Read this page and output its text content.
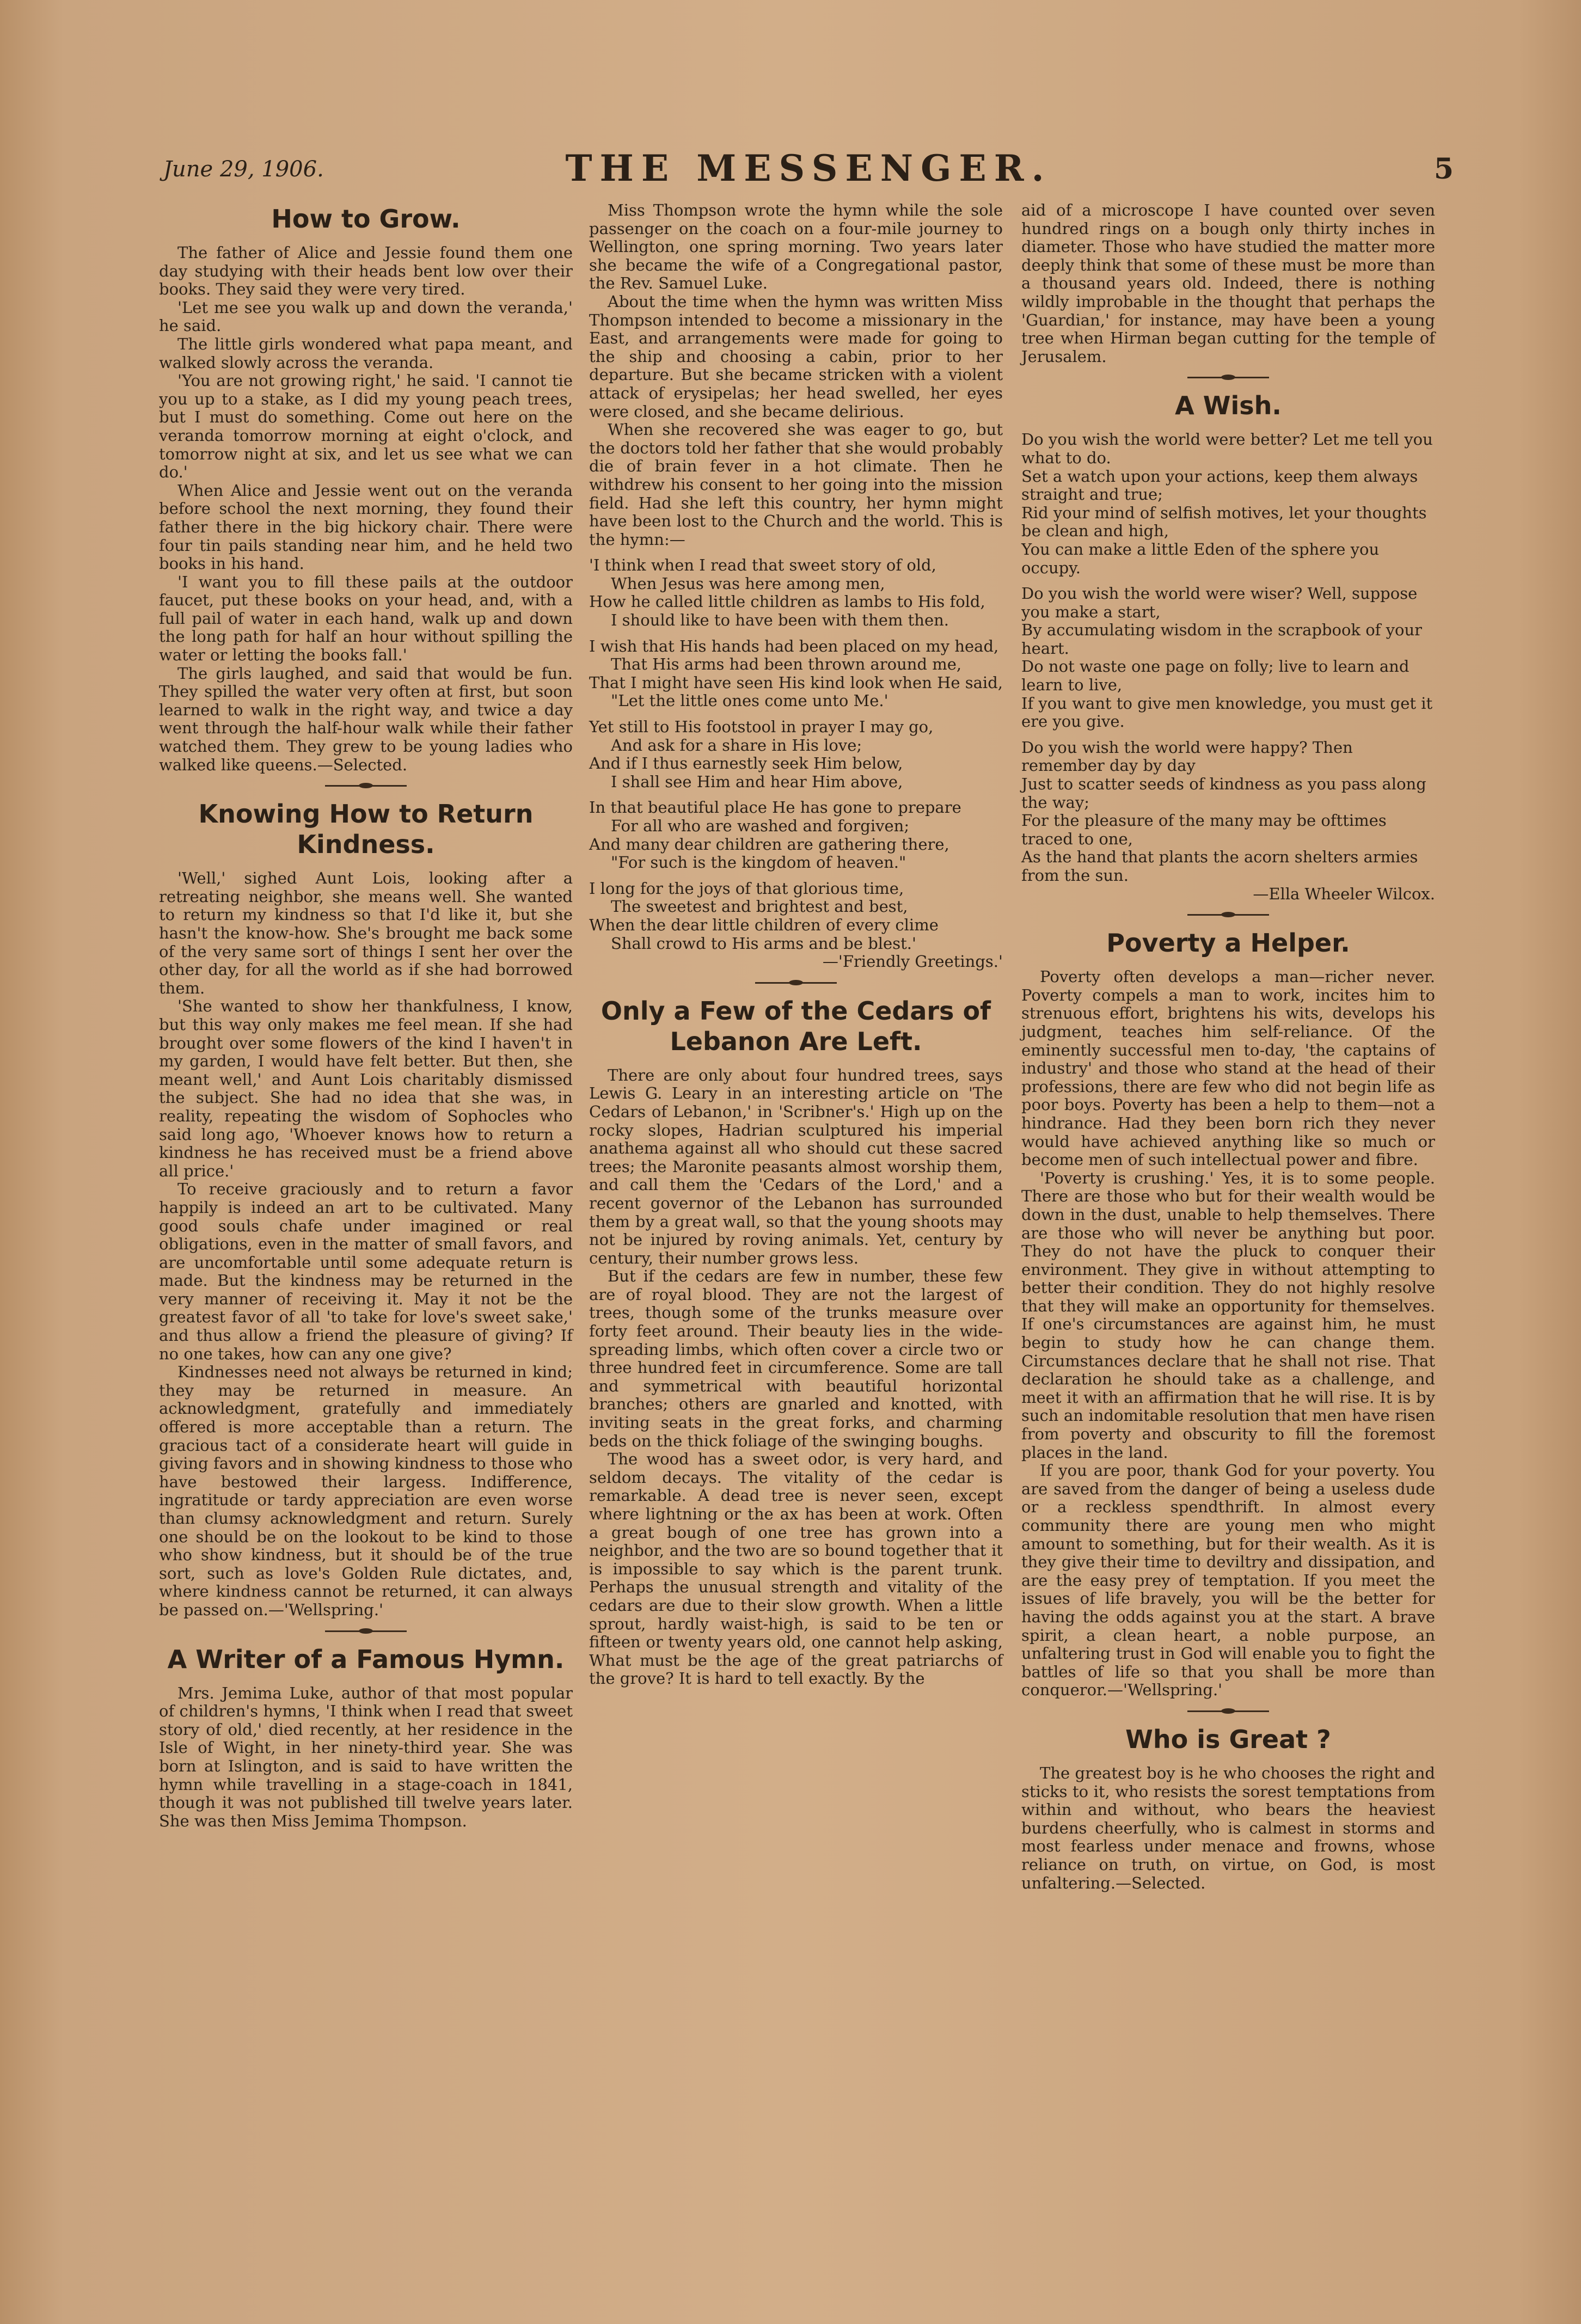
June 29, 1906.	THE MESSENGER.	5
How to Grow.

The father of Alice and Jessie found them one day studying with their heads bent low over their books. They said they were very tired.

'Let me see you walk up and down the veranda,' he said.

The little girls wondered what papa meant, and walked slowly across the veranda.

'You are not growing right,' he said. 'I cannot tie you up to a stake, as I did my young peach trees, but I must do something. Come out here on the veranda tomorrow morning at eight o'clock, and tomorrow night at six, and let us see what we can do.'

When Alice and Jessie went out on the veranda before school the next morning, they found their father there in the big hickory chair. There were four tin pails standing near him, and he held two books in his hand.

'I want you to fill these pails at the outdoor faucet, put these books on your head, and, with a full pail of water in each hand, walk up and down the long path for half an hour without spilling the water or letting the books fall.'

The girls laughed, and said that would be fun. They spilled the water very often at first, but soon learned to walk in the right way, and twice a day went through the half-hour walk while their father watched them. They grew to be young ladies who walked like queens.—Selected.

Knowing How to Return Kindness.

'Well,' sighed Aunt Lois, looking after a retreating neighbor, she means well. She wanted to return my kindness so that I'd like it, but she hasn't the know-how. She's brought me back some of the very same sort of things I sent her over the other day, for all the world as if she had borrowed them.

'She wanted to show her thankfulness, I know, but this way only makes me feel mean. If she had brought over some flowers of the kind I haven't in my garden, I would have felt better. But then, she meant well,' and Aunt Lois charitably dismissed the subject. She had no idea that she was, in reality, repeating the wisdom of Sophocles who said long ago, 'Whoever knows how to return a kindness he has received must be a friend above all price.'

To receive graciously and to return a favor happily is indeed an art to be cultivated. Many good souls chafe under imagined or real obligations, even in the matter of small favors, and are uncomfortable until some adequate return is made. But the kindness may be returned in the very manner of receiving it. May it not be the greatest favor of all 'to take for love's sweet sake,' and thus allow a friend the pleasure of giving? If no one takes, how can any one give?

Kindnesses need not always be returned in kind; they may be returned in measure. An acknowledgment, gratefully and immediately offered is more acceptable than a return. The gracious tact of a considerate heart will guide in giving favors and in showing kindness to those who have bestowed their largess. Indifference, ingratitude or tardy appreciation are even worse than clumsy acknowledgment and return. Surely one should be on the lookout to be kind to those who show kindness, but it should be of the true sort, such as love's Golden Rule dictates, and, where kindness cannot be returned, it can always be passed on.—'Wellspring.'

A Writer of a Famous Hymn.

Mrs. Jemima Luke, author of that most popular of children's hymns, 'I think when I read that sweet story of old,' died recently, at her residence in the Isle of Wight, in her ninety-third year. She was born at Islington, and is said to have written the hymn while travelling in a stage-coach in 1841, though it was not published till twelve years later. She was then Miss Jemima Thompson.

Miss Thompson wrote the hymn while the sole passenger on the coach on a four-mile journey to Wellington, one spring morning. Two years later she became the wife of a Congregational pastor, the Rev. Samuel Luke.

About the time when the hymn was written Miss Thompson intended to become a missionary in the East, and arrangements were made for going to the ship and choosing a cabin, prior to her departure. But she became stricken with a violent attack of erysipelas; her head swelled, her eyes were closed, and she became delirious.

When she recovered she was eager to go, but the doctors told her father that she would probably die of brain fever in a hot climate. Then he withdrew his consent to her going into the mission field. Had she left this country, her hymn might have been lost to the Church and the world. This is the hymn:—

'I think when I read that sweet story of old,
When Jesus was here among men,
How he called little children as lambs to His fold,
I should like to have been with them then.
I wish that His hands had been placed on my head,
That His arms had been thrown around me,
That I might have seen His kind look when He said,
"Let the little ones come unto Me.'
Yet still to His footstool in prayer I may go,
And ask for a share in His love;
And if I thus earnestly seek Him below,
I shall see Him and hear Him above,
In that beautiful place He has gone to prepare
For all who are washed and forgiven;
And many dear children are gathering there,
"For such is the kingdom of heaven."
I long for the joys of that glorious time,
The sweetest and brightest and best,
When the dear little children of every clime
Shall crowd to His arms and be blest.'
—'Friendly Greetings.'
Only a Few of the Cedars of Lebanon Are Left.

There are only about four hundred trees, says Lewis G. Leary in an interesting article on 'The Cedars of Lebanon,' in 'Scribner's.' High up on the rocky slopes, Hadrian sculptured his imperial anathema against all who should cut these sacred trees; the Maronite peasants almost worship them, and call them the 'Cedars of the Lord,' and a recent governor of the Lebanon has surrounded them by a great wall, so that the young shoots may not be injured by roving animals. Yet, century by century, their number grows less.

But if the cedars are few in number, these few are of royal blood. They are not the largest of trees, though some of the trunks measure over forty feet around. Their beauty lies in the wide-spreading limbs, which often cover a circle two or three hundred feet in circumference. Some are tall and symmetrical with beautiful horizontal branches; others are gnarled and knotted, with inviting seats in the great forks, and charming beds on the thick foliage of the swinging boughs.

The wood has a sweet odor, is very hard, and seldom decays. The vitality of the cedar is remarkable. A dead tree is never seen, except where lightning or the ax has been at work. Often a great bough of one tree has grown into a neighbor, and the two are so bound together that it is impossible to say which is the parent trunk. Perhaps the unusual strength and vitality of the cedars are due to their slow growth. When a little sprout, hardly waist-high, is said to be ten or fifteen or twenty years old, one cannot help asking, What must be the age of the great patriarchs of the grove? It is hard to tell exactly. By the

aid of a microscope I have counted over seven hundred rings on a bough only thirty inches in diameter. Those who have studied the matter more deeply think that some of these must be more than a thousand years old. Indeed, there is nothing wildly improbable in the thought that perhaps the 'Guardian,' for instance, may have been a young tree when Hirman began cutting for the temple of Jerusalem.

A Wish.
Do you wish the world were better? Let me tell you what to do.
Set a watch upon your actions, keep them always straight and true;
Rid your mind of selfish motives, let your thoughts be clean and high,
You can make a little Eden of the sphere you occupy.
Do you wish the world were wiser? Well, suppose you make a start,
By accumulating wisdom in the scrapbook of your heart.
Do not waste one page on folly; live to learn and learn to live,
If you want to give men knowledge, you must get it ere you give.
Do you wish the world were happy? Then remember day by day
Just to scatter seeds of kindness as you pass along the way;
For the pleasure of the many may be ofttimes traced to one,
As the hand that plants the acorn shelters armies from the sun.
—Ella Wheeler Wilcox.
Poverty a Helper.

Poverty often develops a man—richer never. Poverty compels a man to work, incites him to strenuous effort, brightens his wits, develops his judgment, teaches him self-reliance. Of the eminently successful men to-day, 'the captains of industry' and those who stand at the head of their professions, there are few who did not begin life as poor boys. Poverty has been a help to them—not a hindrance. Had they been born rich they never would have achieved anything like so much or become men of such intellectual power and fibre.

'Poverty is crushing.' Yes, it is to some people. There are those who but for their wealth would be down in the dust, unable to help themselves. There are those who will never be anything but poor. They do not have the pluck to conquer their environment. They give in without attempting to better their condition. They do not highly resolve that they will make an opportunity for themselves. If one's circumstances are against him, he must begin to study how he can change them. Circumstances declare that he shall not rise. That declaration he should take as a challenge, and meet it with an affirmation that he will rise. It is by such an indomitable resolution that men have risen from poverty and obscurity to fill the foremost places in the land.

If you are poor, thank God for your poverty. You are saved from the danger of being a useless dude or a reckless spendthrift. In almost every community there are young men who might amount to something, but for their wealth. As it is they give their time to deviltry and dissipation, and are the easy prey of temptation. If you meet the issues of life bravely, you will be the better for having the odds against you at the start. A brave spirit, a clean heart, a noble purpose, an unfaltering trust in God will enable you to fight the battles of life so that you shall be more than conqueror.—'Wellspring.'

Who is Great ?

The greatest boy is he who chooses the right and sticks to it, who resists the sorest temptations from within and without, who bears the heaviest burdens cheerfully, who is calmest in storms and most fearless under menace and frowns, whose reliance on truth, on virtue, on God, is most unfaltering.—Selected.
